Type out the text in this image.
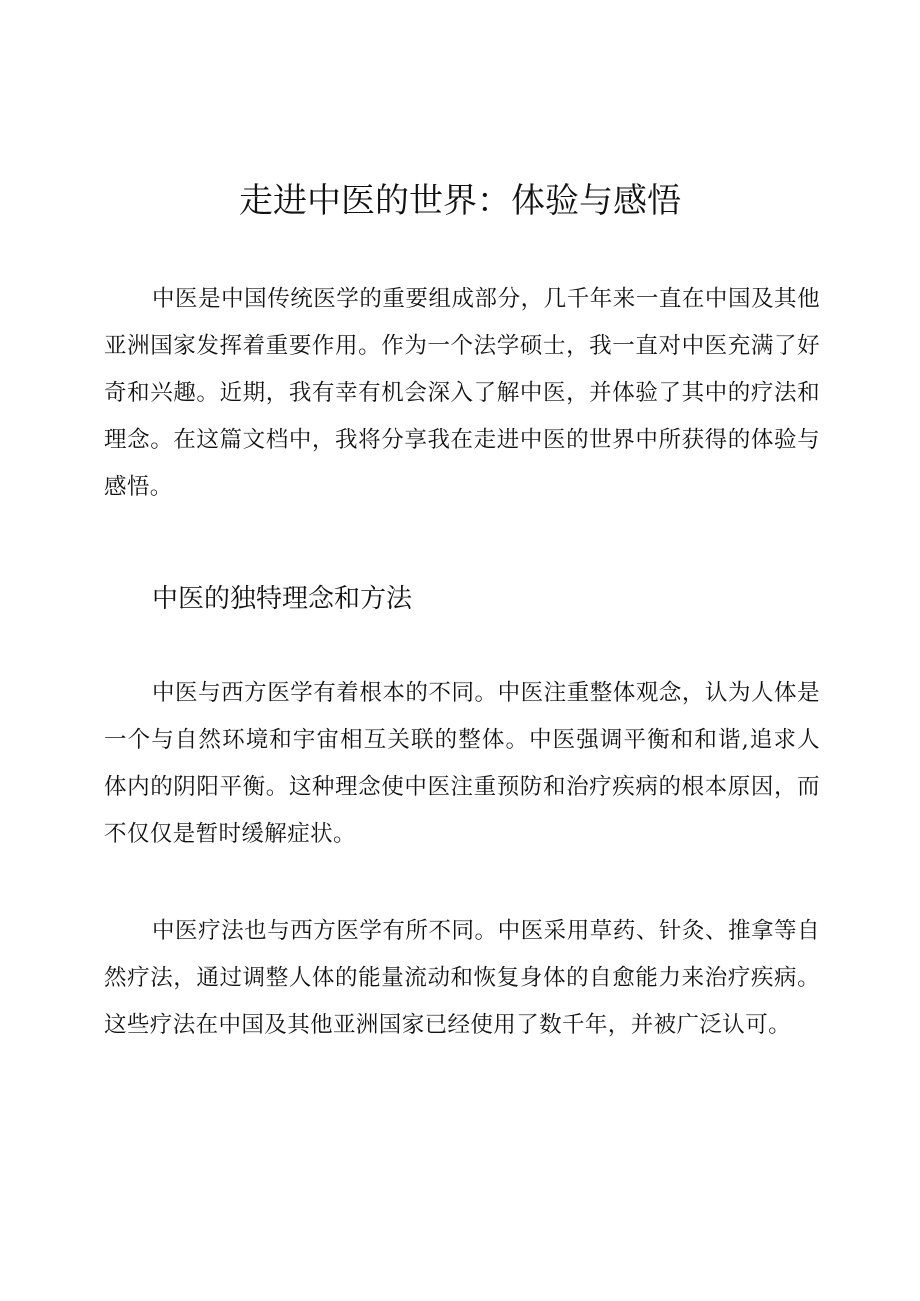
走进中医的世界：体验与感悟

中医是中国传统医学的重要组成部分，几千年来一直在中国及其他亚洲国家发挥着重要作用。作为一个法学硕士，我一直对中医充满了好奇和兴趣。近期，我有幸有机会深入了解中医，并体验了其中的疗法和理念。在这篇文档中，我将分享我在走进中医的世界中所获得的体验与感悟。

中医的独特理念和方法

中医与西方医学有着根本的不同。中医注重整体观念，认为人体是一个与自然环境和宇宙相互关联的整体。中医强调平衡和和谐,追求人体内的阴阳平衡。这种理念使中医注重预防和治疗疾病的根本原因，而不仅仅是暂时缓解症状。

中医疗法也与西方医学有所不同。中医采用草药、针灸、推拿等自然疗法，通过调整人体的能量流动和恢复身体的自愈能力来治疗疾病。这些疗法在中国及其他亚洲国家已经使用了数千年，并被广泛认可。
